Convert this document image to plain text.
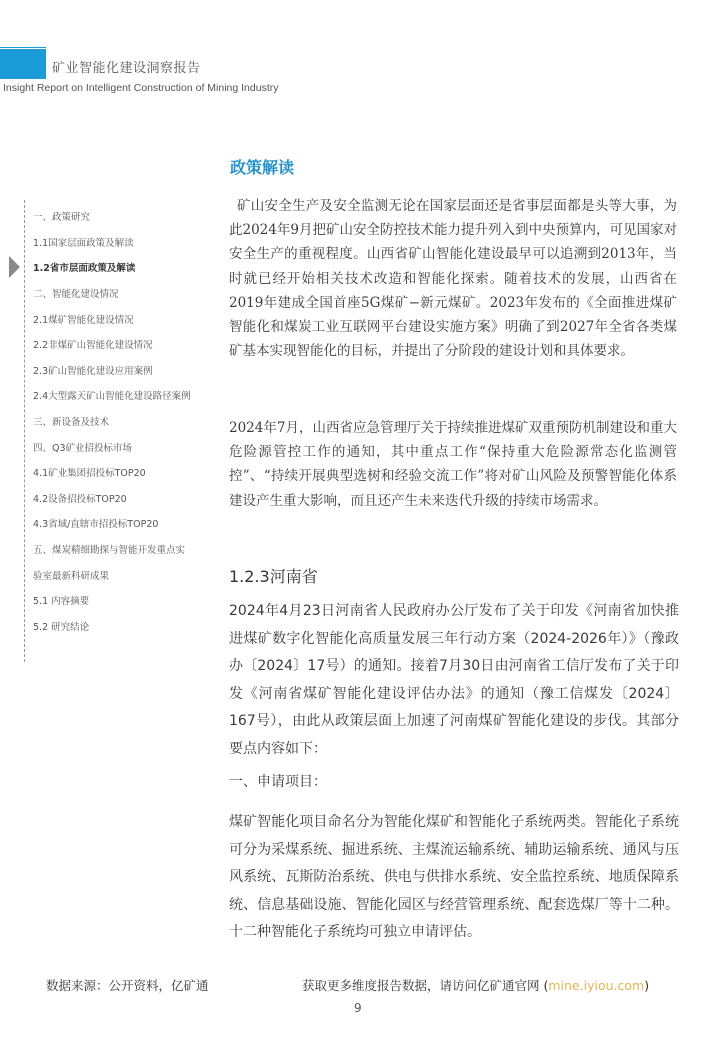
矿业智能化建设洞察报告
Insight Report on Intelligent Construction of Mining Industry
一、政策研究
1.1国家层面政策及解读
1.2省市层面政策及解读
二、智能化建设情况
2.1煤矿智能化建设情况
2.2非煤矿山智能化建设情况
2.3矿山智能化建设应用案例
2.4大型露天矿山智能化建设路径案例
三、新设备及技术
四、Q3矿业招投标市场
4.1矿业集团招投标TOP20
4.2设备招投标TOP20
4.3省域/直辖市招投标TOP20
五、煤炭精细勘探与智能开发重点实
验室最新科研成果
5.1 内容摘要
5.2 研究结论
政策解读

矿山安全生产及安全监测无论在国家层面还是省事层面都是头等大事，为此2024年9月把矿山安全防控技术能力提升列入到中央预算内，可见国家对安全生产的重视程度。山西省矿山智能化建设最早可以追溯到2013年，当时就已经开始相关技术改造和智能化探索。随着技术的发展，山西省在2019年建成全国首座5G煤矿−新元煤矿。2023年发布的《全面推进煤矿智能化和煤炭工业互联网平台建设实施方案》明确了到2027年全省各类煤矿基本实现智能化的目标，并提出了分阶段的建设计划和具体要求。

2024年7月，山西省应急管理厅关于持续推进煤矿双重预防机制建设和重大危险源管控工作的通知，其中重点工作“保持重大危险源常态化监测管控”、“持续开展典型选树和经验交流工作”将对矿山风险及预警智能化体系建设产生重大影响，而且还产生未来迭代升级的持续市场需求。

1.2.3河南省

2024年4月23日河南省人民政府办公厅发布了关于印发《河南省加快推进煤矿数字化智能化高质量发展三年行动方案（2024-2026年）》（豫政办〔2024〕17号）的通知。接着7月30日由河南省工信厅发布了关于印发《河南省煤矿智能化建设评估办法》的通知（豫工信煤发〔2024〕167号），由此从政策层面上加速了河南煤矿智能化建设的步伐。其部分要点内容如下：

一、申请项目：

煤矿智能化项目命名分为智能化煤矿和智能化子系统两类。智能化子系统可分为采煤系统、掘进系统、主煤流运输系统、辅助运输系统、通风与压风系统、瓦斯防治系统、供电与供排水系统、安全监控系统、地质保障系统、信息基础设施、智能化园区与经营管理系统、配套选煤厂等十二种。十二种智能化子系统均可独立申请评估。

数据来源：公开资料，亿矿通	获取更多维度报告数据，请访问亿矿通官网 (mine.iyiou.com)
9
